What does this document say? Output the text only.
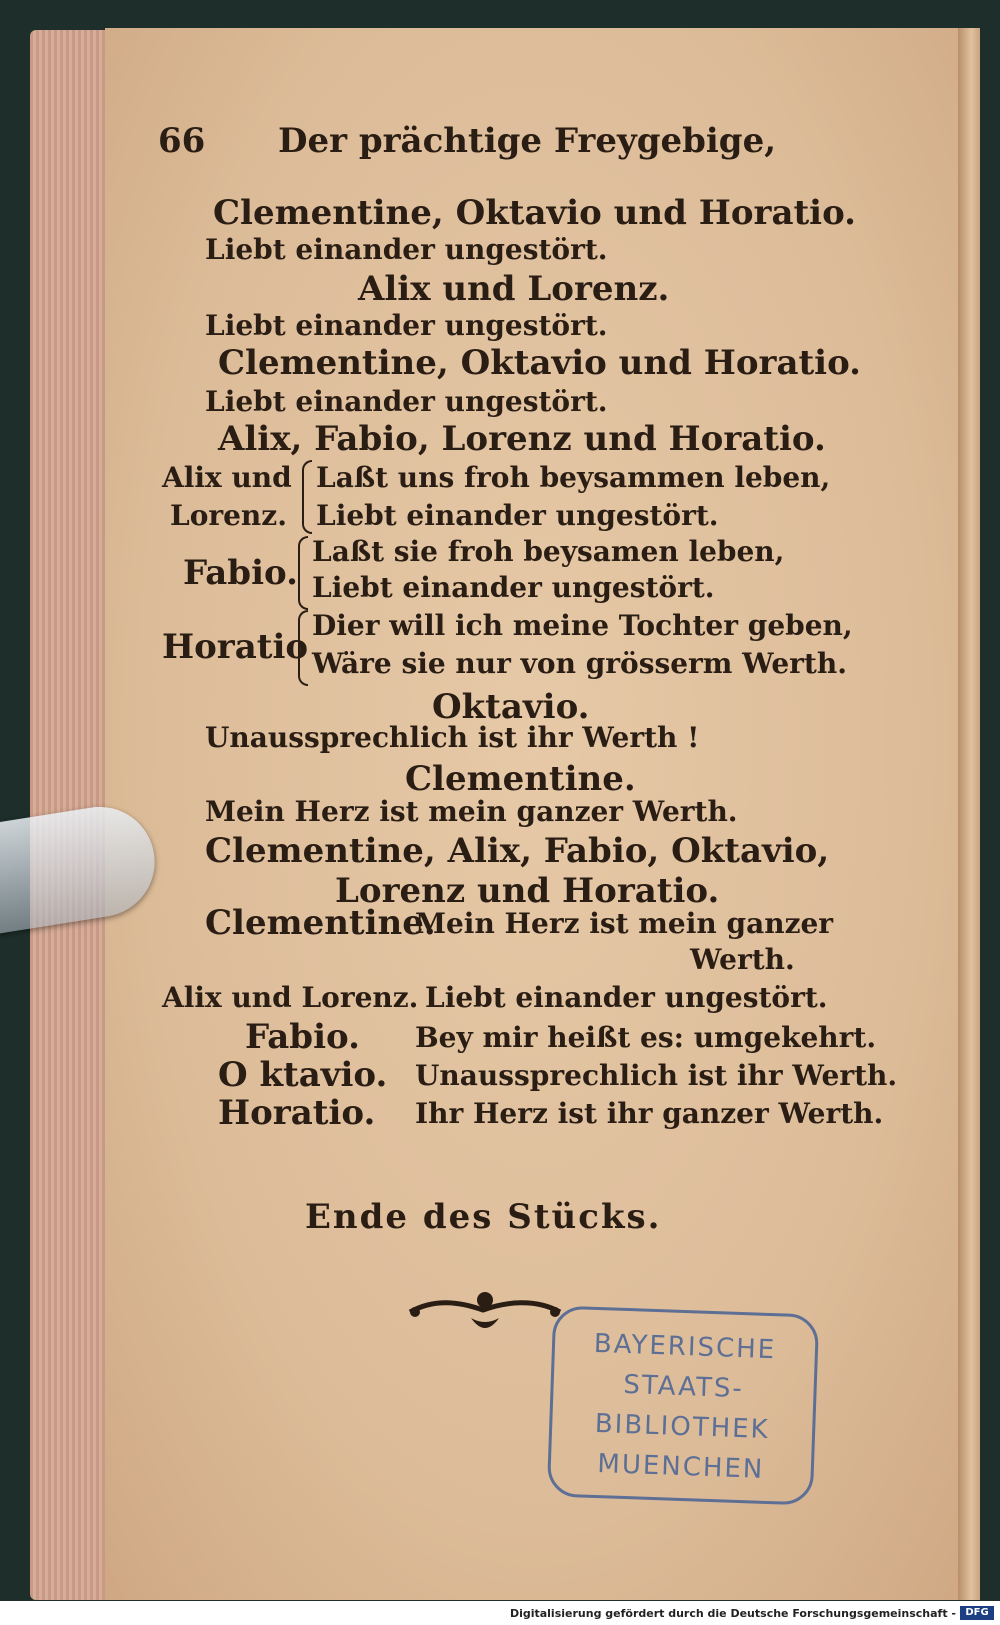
66 Der prächtige Freygebige,
Clementine, Oktavio und Horatio.
Liebt einander ungestört.
Alix und Lorenz.
Liebt einander ungestört.
Clementine, Oktavio und Horatio.
Liebt einander ungestört.
Alix, Fabio, Lorenz und Horatio.
Alix und
Lorenz.
Laßt uns froh beysammen leben,
Liebt einander ungestört.
Fabio.
Laßt sie froh beysamen leben,
Liebt einander ungestört.
Horatio
Dier will ich meine Tochter geben,
Wäre sie nur von grösserm Werth.
Oktavio.
Unaussprechlich ist ihr Werth !
Clementine.
Mein Herz ist mein ganzer Werth.
Clementine, Alix, Fabio, Oktavio,
Lorenz und Horatio.
Clementine.
Mein Herz ist mein ganzer
Werth.
Alix und Lorenz. Liebt einander ungestört.
Fabio. Bey mir heißt es: umgekehrt.
O ktavio. Unaussprechlich ist ihr Werth.
Horatio. Ihr Herz ist ihr ganzer Werth.
Ende des Stücks.
BAYERISCHE
STAATS-
BIBLIOTHEK
MUENCHEN
Digitalisierung gefördert durch die Deutsche Forschungsgemeinschaft - DFG
